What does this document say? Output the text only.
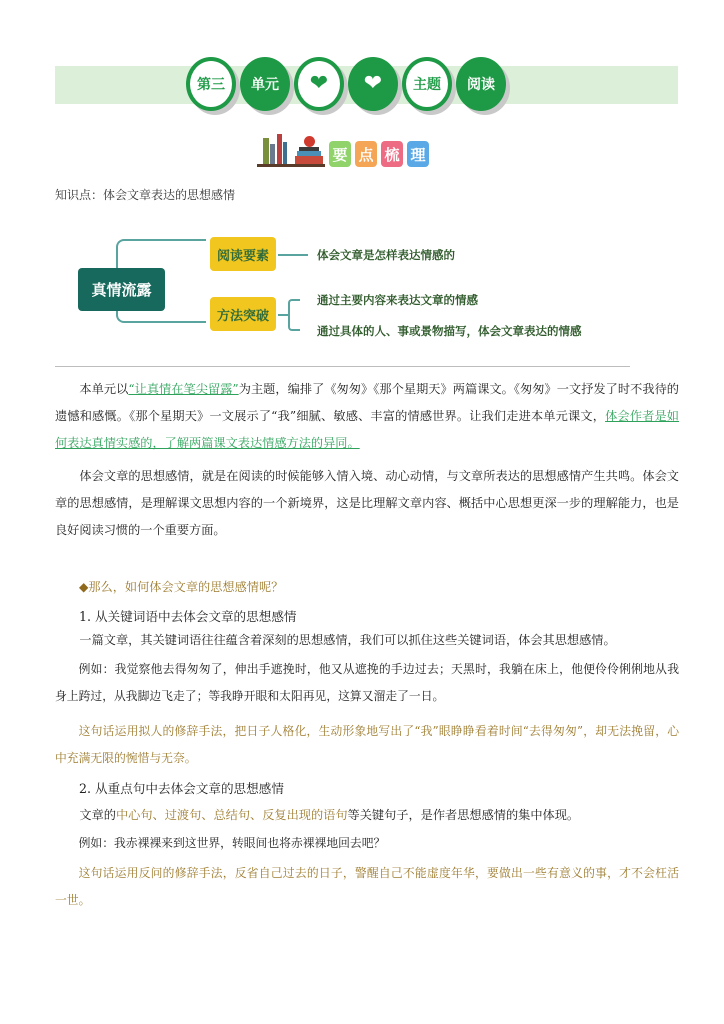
第三 单元 ❤ ❤ 主题 阅读
要 点 梳 理
知识点：体会文章表达的思想感情
真情流露
阅读要素
方法突破
体会文章是怎样表达情感的
通过主要内容来表达文章的情感
通过具体的人、事或景物描写，体会文章表达的情感
本单元以“让真情在笔尖留露”为主题，编排了《匆匆》《那个星期天》两篇课文。《匆匆》一文抒发了时不我待的遗憾和感慨。《那个星期天》一文展示了“我”细腻、敏感、丰富的情感世界。让我们走进本单元课文，体会作者是如何表达真情实感的，了解两篇课文表达情感方法的异同。
体会文章的思想感情，就是在阅读的时候能够入情入境、动心动情，与文章所表达的思想感情产生共鸣。体会文章的思想感情，是理解课文思想内容的一个新境界，这是比理解文章内容、概括中心思想更深一步的理解能力，也是良好阅读习惯的一个重要方面。
◆那么，如何体会文章的思想感情呢？
1. 从关键词语中去体会文章的思想感情
一篇文章，其关键词语往往蕴含着深刻的思想感情，我们可以抓住这些关键词语，体会其思想感情。
例如：我觉察他去得匆匆了，伸出手遮挽时，他又从遮挽的手边过去；天黑时，我躺在床上，他便伶伶俐俐地从我身上跨过，从我脚边飞走了；等我睁开眼和太阳再见，这算又溜走了一日。
这句话运用拟人的修辞手法，把日子人格化，生动形象地写出了“我”眼睁睁看着时间“去得匆匆”，却无法挽留，心中充满无限的惋惜与无奈。
2. 从重点句中去体会文章的思想感情
文章的中心句、过渡句、总结句、反复出现的语句等关键句子，是作者思想感情的集中体现。
例如：我赤裸裸来到这世界，转眼间也将赤裸裸地回去吧？
这句话运用反问的修辞手法，反省自己过去的日子，警醒自己不能虚度年华，要做出一些有意义的事，才不会枉活一世。
